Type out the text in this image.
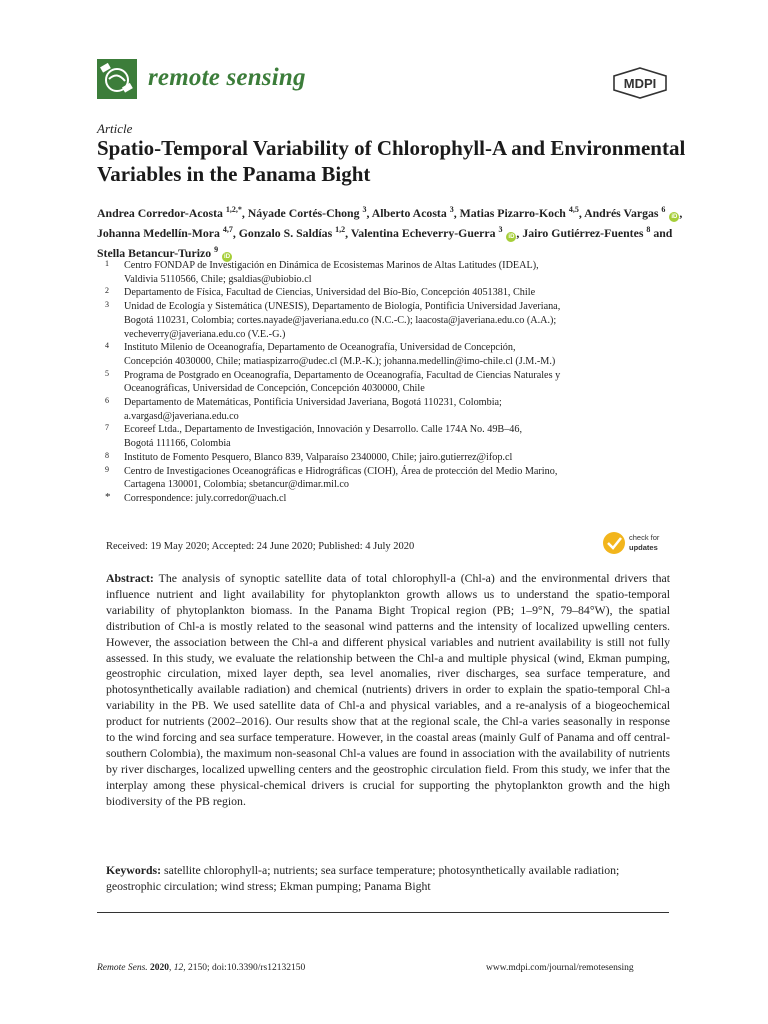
remote sensing	MDPI
Article
Spatio-Temporal Variability of Chlorophyll-A and Environmental Variables in the Panama Bight
Andrea Corredor-Acosta $^{1,2,*}$, Náyade Cortés-Chong $^3$, Alberto Acosta $^3$, Matias Pizarro-Koch $^{4,5}$, Andrés Vargas $^6$ iD , Johanna Medellín-Mora $^{4,7}$, Gonzalo S. Saldías $^{1,2}$, Valentina Echeverry-Guerra $^3$ iD , Jairo Gutiérrez-Fuentes $^8$ and Stella Betancur-Turizo $^9$ iD
1	Centro FONDAP de Investigación en Dinámica de Ecosistemas Marinos de Altas Latitudes (IDEAL),
Valdivia 5110566, Chile; gsaldias@ubiobio.cl
2	Departamento de Física, Facultad de Ciencias, Universidad del Bío-Bío, Concepción 4051381, Chile
3	Unidad de Ecología y Sistemática (UNESIS), Departamento de Biología, Pontificia Universidad Javeriana,
Bogotá 110231, Colombia; cortes.nayade@javeriana.edu.co (N.C.-C.); laacosta@javeriana.edu.co (A.A.);
vecheverry@javeriana.edu.co (V.E.-G.)
4	Instituto Milenio de Oceanografía, Departamento de Oceanografía, Universidad de Concepción,
Concepción 4030000, Chile; matiaspizarro@udec.cl (M.P.-K.); johanna.medellin@imo-chile.cl (J.M.-M.)
5	Programa de Postgrado en Oceanografía, Departamento de Oceanografía, Facultad de Ciencias Naturales y
Oceanográficas, Universidad de Concepción, Concepción 4030000, Chile
6	Departamento de Matemáticas, Pontificia Universidad Javeriana, Bogotá 110231, Colombia;
a.vargasd@javeriana.edu.co
7	Ecoreef Ltda., Departamento de Investigación, Innovación y Desarrollo. Calle 174A No. 49B–46,
Bogotá 111166, Colombia
8	Instituto de Fomento Pesquero, Blanco 839, Valparaíso 2340000, Chile; jairo.gutierrez@ifop.cl
9	Centro de Investigaciones Oceanográficas e Hidrográficas (CIOH), Área de protección del Medio Marino,
Cartagena 130001, Colombia; sbetancur@dimar.mil.co
*	Correspondence: july.corredor@uach.cl
check for
updates
Received: 19 May 2020; Accepted: 24 June 2020; Published: 4 July 2020
Abstract: The analysis of synoptic satellite data of total chlorophyll-a (Chl-a) and the environmental drivers that influence nutrient and light availability for phytoplankton growth allows us to understand the spatio-temporal variability of phytoplankton biomass. In the Panama Bight Tropical region (PB; 1–9°N, 79–84°W), the spatial distribution of Chl-a is mostly related to the seasonal wind patterns and the intensity of localized upwelling centers. However, the association between the Chl-a and different physical variables and nutrient availability is still not fully assessed. In this study, we evaluate the relationship between the Chl-a and multiple physical (wind, Ekman pumping, geostrophic circulation, mixed layer depth, sea level anomalies, river discharges, sea surface temperature, and photosynthetically available radiation) and chemical (nutrients) drivers in order to explain the spatio-temporal Chl-a variability in the PB. We used satellite data of Chl-a and physical variables, and a re-analysis of a biogeochemical product for nutrients (2002–2016). Our results show that at the regional scale, the Chl-a varies seasonally in response to the wind forcing and sea surface temperature. However, in the coastal areas (mainly Gulf of Panama and off central-southern Colombia), the maximum non-seasonal Chl-a values are found in association with the availability of nutrients by river discharges, localized upwelling centers and the geostrophic circulation field. From this study, we infer that the interplay among these physical-chemical drivers is crucial for supporting the phytoplankton growth and the high biodiversity of the PB region.
Keywords: satellite chlorophyll-a; nutrients; sea surface temperature; photosynthetically available radiation; geostrophic circulation; wind stress; Ekman pumping; Panama Bight
Remote Sens. 2020, 12, 2150; doi:10.3390/rs12132150	www.mdpi.com/journal/remotesensing
